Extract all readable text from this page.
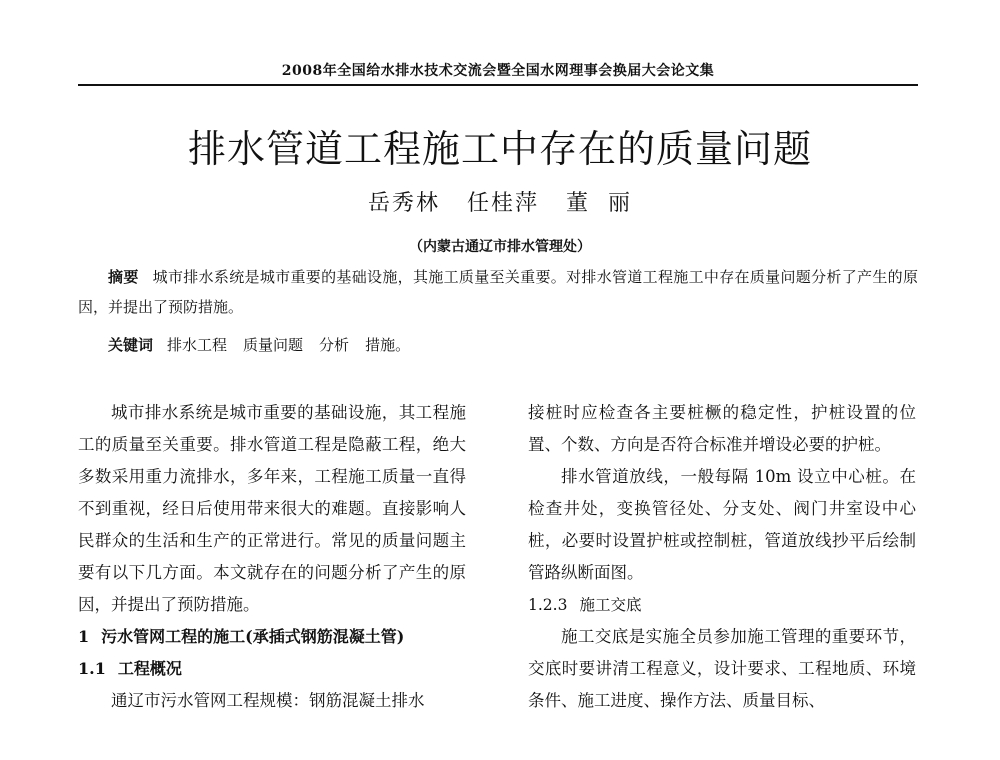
2008年全国给水排水技术交流会暨全国水网理事会换届大会论文集
排水管道工程施工中存在的质量问题
岳秀林   任桂萍   董  丽
（内蒙古通辽市排水管理处）
摘要 城市排水系统是城市重要的基础设施，其施工质量至关重要。对排水管道工程施工中存在质量问题分析了产生的原因，并提出了预防措施。
关键词 排水工程 质量问题 分析 措施。

城市排水系统是城市重要的基础设施，其工程施工的质量至关重要。排水管道工程是隐蔽工程，绝大多数采用重力流排水，多年来，工程施工质量一直得不到重视，经日后使用带来很大的难题。直接影响人民群众的生活和生产的正常进行。常见的质量问题主要有以下几方面。本文就存在的问题分析了产生的原因，并提出了预防措施。

1 污水管网工程的施工(承插式钢筋混凝土管)

1.1 工程概况

通辽市污水管网工程规模：钢筋混凝土排水

接桩时应检查各主要桩橛的稳定性，护桩设置的位置、个数、方向是否符合标准并增设必要的护桩。

排水管道放线，一般每隔 10m 设立中心桩。在检查井处，变换管径处、分支处、阀门井室设中心桩，必要时设置护桩或控制桩，管道放线抄平后绘制管路纵断面图。

1.2.3 施工交底

施工交底是实施全员参加施工管理的重要环节，交底时要讲清工程意义，设计要求、工程地质、环境条件、施工进度、操作方法、质量目标、
